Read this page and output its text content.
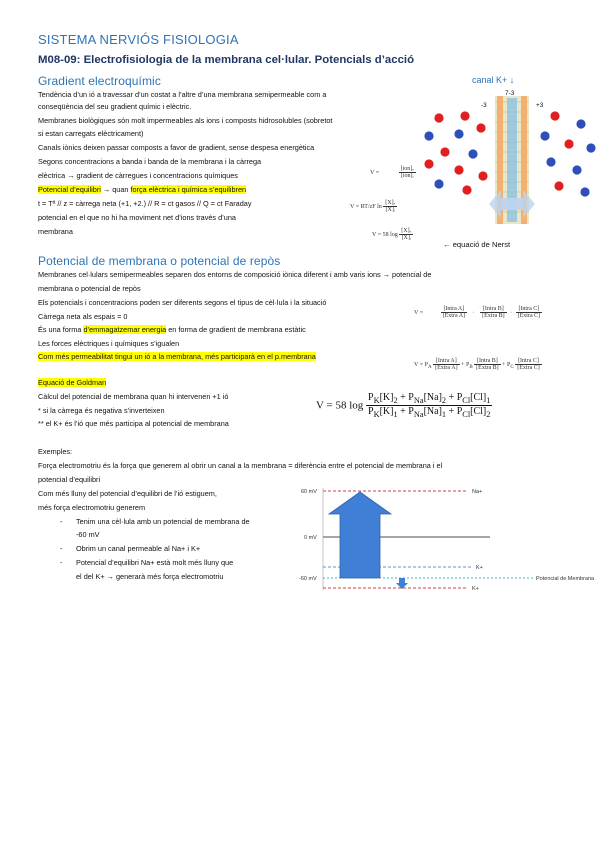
SISTEMA NERVIÓS FISIOLOGIA
M08-09: Electrofisiologia de la membrana cel·lular. Potencials d’acció
Gradient electroquímic	canal K+ ↓
Tendència d’un ió a travessar d’un costat a l’altre d’una membrana semipermeable com a
conseqüència del seu gradient químic i elèctric.
Membranes biològiques són molt impermeables als ions i composts hidrosolubles (sobretot
si estan carregats elèctricament)
Canals iònics deixen passar composts a favor de gradient, sense despesa energètica
Segons concentracions a banda i banda de la membrana i la càrrega
elèctrica → gradient de càrregues i concentracions químiques
Potencial d’equilibri → quan força elèctrica i química s’equilibren
t = Tª // z = càrrega neta (+1, +2.) // R = ct gasos // Q = ct Faraday
potencial en el que no hi ha moviment net d’ions través d’una
membrana
V =	$\frac{\text{[ion]ₑ}}{\text{[ion]ᵢ}}$
V = RT/zF $\ln \frac{\text{[X]ₑ}}{\text{[X]ᵢ}}$
V = 58 $\log \frac{\text{[X]ₑ}}{\text{[X]ᵢ}}$
← equació de Nerst
7-3
-3	+3
Potencial de membrana o potencial de repòs
Membranes cel·lulars semipermeables separen dos entorns de composició iònica diferent i amb varis ions → potencial de
membrana o potencial de repòs
Els potencials i concentracions poden ser diferents segons el tipus de cèl·lula i la situació
Càrrega neta als espais = 0
És una forma d’emmagatzemar energia en forma de gradient de membrana estàtic
Les forces elèctriques i químiques s’igualen
Com més permeabilitat tingui un ió a la membrana, més participarà en el p.membrana
V =	$\frac{\text{[Intra A]}}{\text{[Extra A]}} \cdot \frac{\text{[Intra B]}}{\text{[Extra B]}} \cdot \frac{\text{[Intra C]}}{\text{[Extra C]}}$
$V = P_A \frac{\text{[Intra A]}}{\text{[Extra A]}} + P_B \frac{\text{[Intra B]}}{\text{[Extra B]}} + P_C \frac{\text{[Intra C]}}{\text{[Extra C]}}$
Equació de Goldman
Càlcul del potencial de membrana quan hi intervenen +1 ió
* si la càrrega és negativa s’inverteixen
** el K+ és l’ió que més participa al potencial de membrana
V = 58 $\log \frac{P_K[K]_2 + P_{Na}[Na]_2 + P_{Cl}[Cl]_1}{P_K[K]_1 + P_{Na}[Na]_1 + P_{Cl}[Cl]_2}$
Exemples:
Força electromotriu és la força que generem al obrir un canal a la membrana = diferència entre el potencial de membrana i el
potencial d’equilibri
Com més lluny del potencial d’equilibri de l’ió estiguem,
més força electromotriu generem
- Tenim una cèl·lula amb un potencial de membrana de
-60 mV
- Obrim un canal permeable al Na+ i K+
- Potencial d’equilibri Na+ està molt més lluny que
el del K+ → generarà més força electromotriu
60 mV
0 mV
-60 mV
Na+
K+
K+
Potencial de Membrana
